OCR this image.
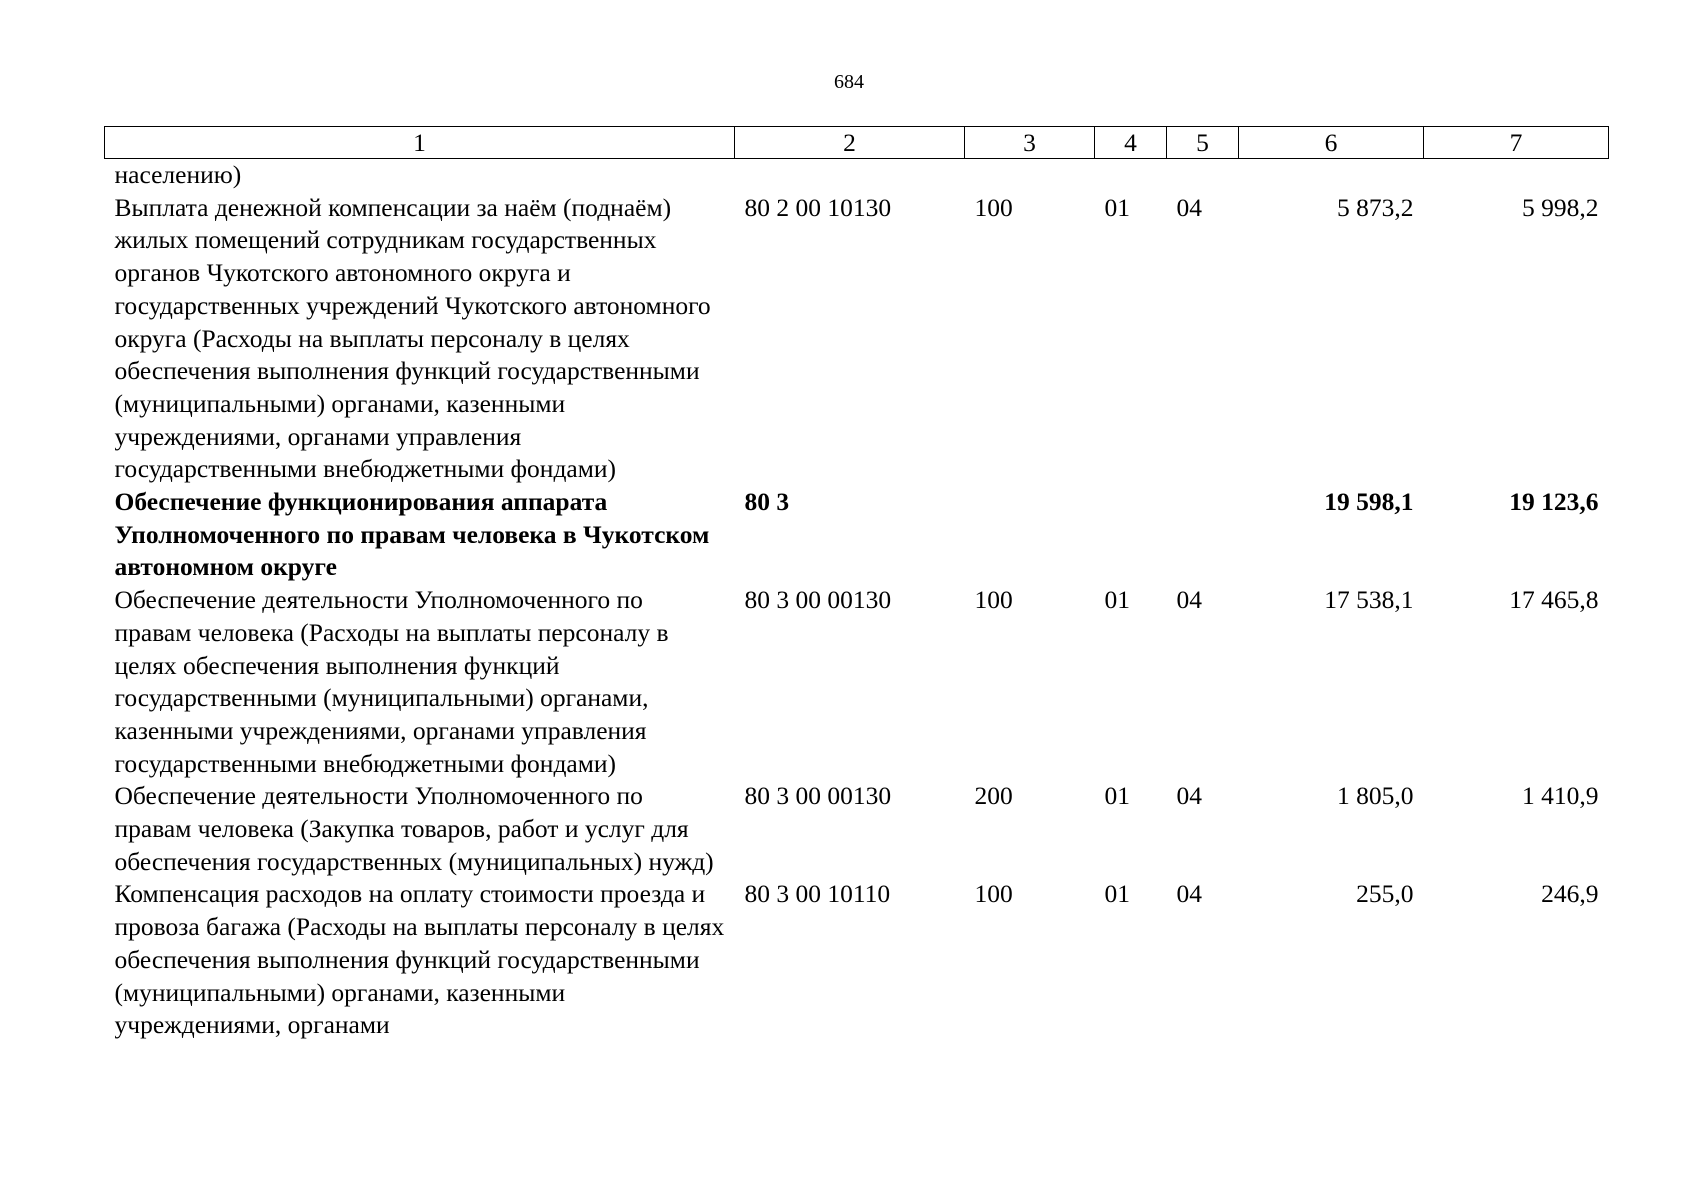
684
1	2	3	4	5	6	7
населению)						
Выплата денежной компенсации за наём (поднаём) жилых помещений сотрудникам государственных органов Чукотского автономного округа и государственных учреждений Чукотского автономного округа (Расходы на выплаты персоналу в целях обеспечения выполнения функций государственными (муниципальными) органами, казенными учреждениями, органами управления государственными внебюджетными фондами)	80 2 00 10130	100	01	04	5 873,2	5 998,2
Обеспечение функционирования аппарата Уполномоченного по правам человека в Чукотском автономном округе	80 3				19 598,1	19 123,6
Обеспечение деятельности Уполномоченного по правам человека (Расходы на выплаты персоналу в целях обеспечения выполнения функций государственными (муниципальными) органами, казенными учреждениями, органами управления государственными внебюджетными фондами)	80 3 00 00130	100	01	04	17 538,1	17 465,8
Обеспечение деятельности Уполномоченного по правам человека (Закупка товаров, работ и услуг для обеспечения государственных (муниципальных) нужд)	80 3 00 00130	200	01	04	1 805,0	1 410,9
Компенсация расходов на оплату стоимости проезда и провоза багажа (Расходы на выплаты персоналу в целях обеспечения выполнения функций государственными (муниципальными) органами, казенными учреждениями, органами	80 3 00 10110	100	01	04	255,0	246,9
